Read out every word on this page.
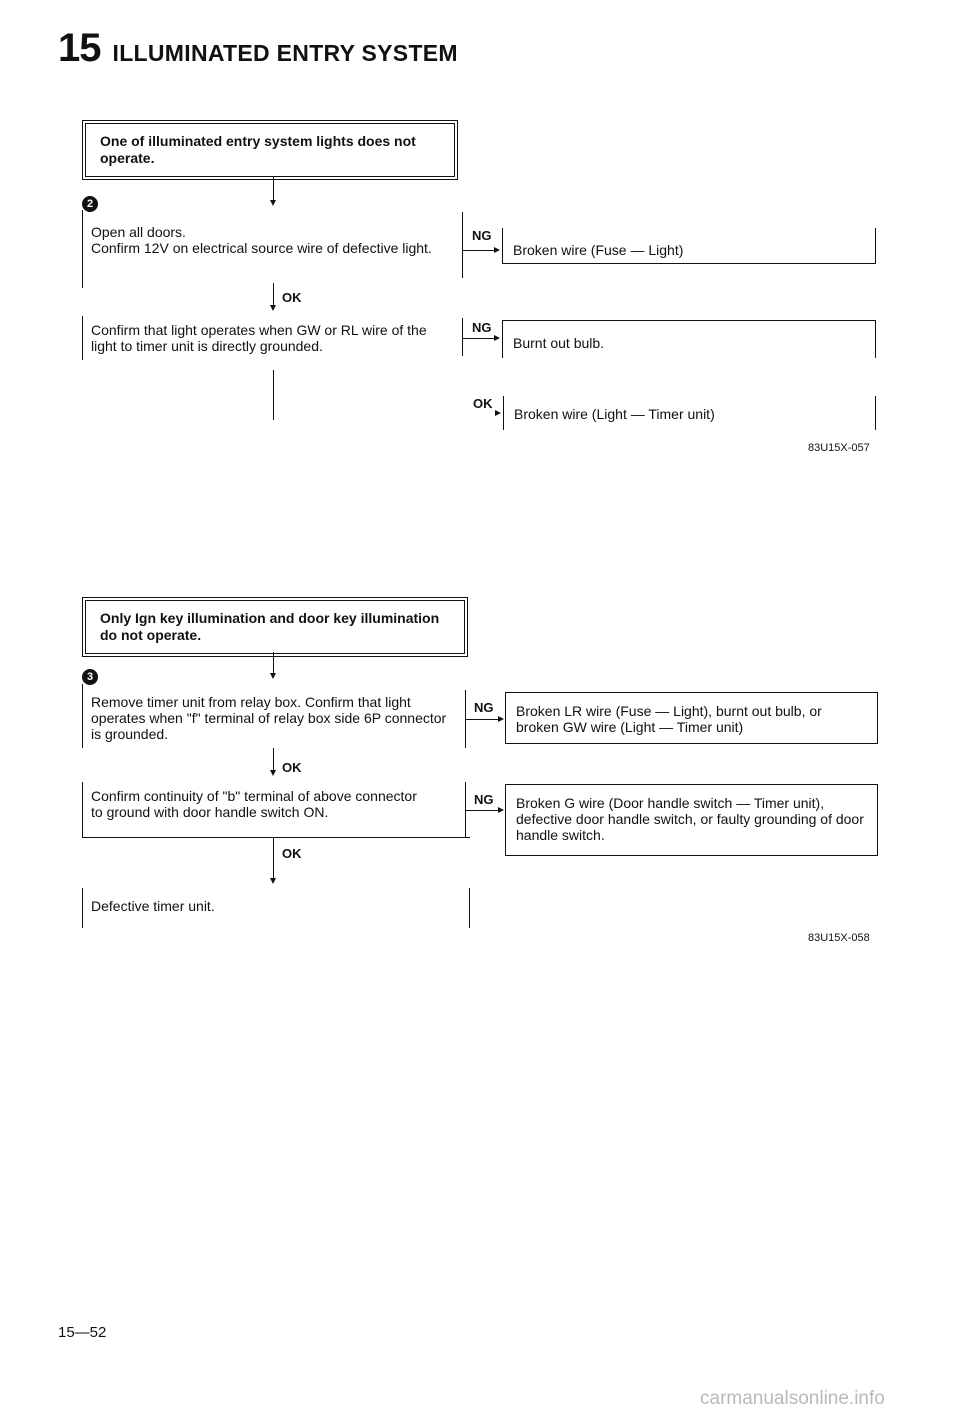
15 ILLUMINATED ENTRY SYSTEM
One of illuminated entry system lights does not operate.
2
Open all doors.
Confirm 12V on electrical source wire of defective light.
OK
Confirm that light operates when GW or RL wire of the light to timer unit is directly grounded.
NG
Broken wire (Fuse — Light)
NG
Burnt out bulb.
OK
Broken wire (Light — Timer unit)
83U15X-057
Only Ign key illumination and door key illumination do not operate.
3
Remove timer unit from relay box. Confirm that light operates when "f" terminal of relay box side 6P connector is grounded.
OK
Confirm continuity of "b" terminal of above connector to ground with door handle switch ON.
OK
Defective timer unit.
NG Broken LR wire (Fuse — Light), burnt out bulb, or broken GW wire (Light — Timer unit)
NG Broken G wire (Door handle switch — Timer unit), defective door handle switch, or faulty grounding of door handle switch.
83U15X-058
15—52
carmanualsonline.info
